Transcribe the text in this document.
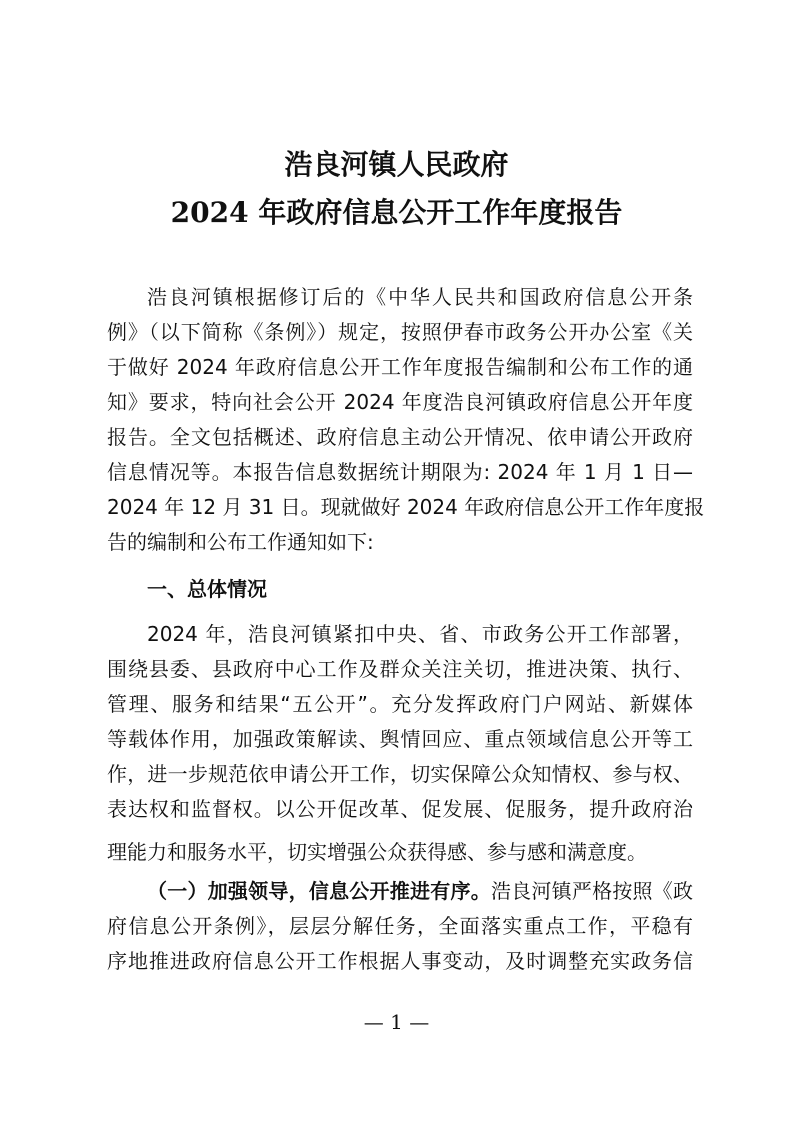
浩良河镇人民政府
2024 年政府信息公开工作年度报告
浩良河镇根据修订后的《中华人民共和国政府信息公开条
例》（以下简称《条例》）规定，按照伊春市政务公开办公室《关
于做好 2024 年政府信息公开工作年度报告编制和公布工作的通
知》要求，特向社会公开 2024 年度浩良河镇政府信息公开年度
报告。全文包括概述、政府信息主动公开情况、依申请公开政府
信息情况等。本报告信息数据统计期限为: 2024 年 1 月 1 日—
2024 年 12 月 31 日。现就做好 2024 年政府信息公开工作年度报
告的编制和公布工作通知如下:
一、总体情况
2024 年，浩良河镇紧扣中央、省、市政务公开工作部署，
围绕县委、县政府中心工作及群众关注关切，推进决策、执行、
管理、服务和结果“五公开”。充分发挥政府门户网站、新媒体
等载体作用，加强政策解读、舆情回应、重点领域信息公开等工
作，进一步规范依申请公开工作，切实保障公众知情权、参与权、
表达权和监督权。以公开促改革、促发展、促服务，提升政府治
理能力和服务水平，切实增强公众获得感、参与感和满意度。
（一）加强领导，信息公开推进有序。浩良河镇严格按照《政
府信息公开条例》，层层分解任务，全面落实重点工作，平稳有
序地推进政府信息公开工作根据人事变动，及时调整充实政务信
— 1 —
